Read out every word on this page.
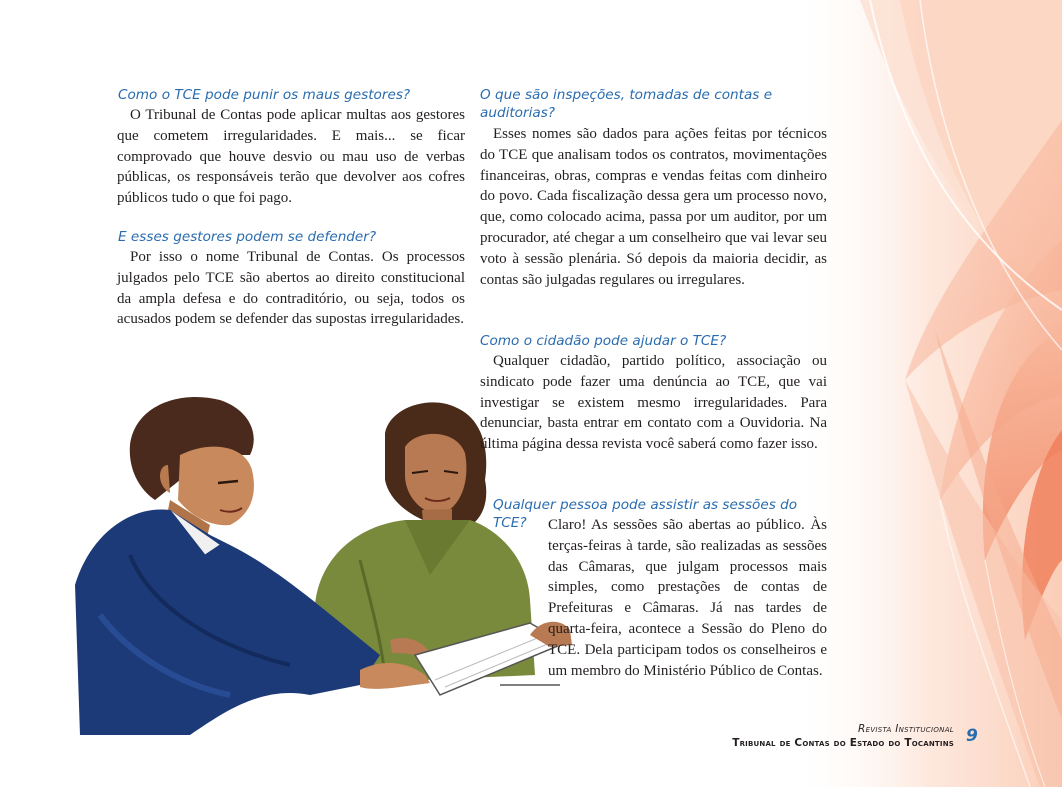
Como o TCE pode punir os maus gestores?

O Tribunal de Contas pode aplicar multas aos gestores que cometem irregularidades. E mais... se ficar comprovado que houve desvio ou mau uso de verbas públicas, os responsáveis terão que devolver aos cofres públicos tudo o que foi pago.

E esses gestores podem se defender?

Por isso o nome Tribunal de Contas. Os processos julgados pelo TCE são abertos ao direito constitucional da ampla defesa e do contraditório, ou seja, todos os acusados podem se defender das supostas irregularidades.

O que são inspeções, tomadas de contas e auditorias?

Esses nomes são dados para ações feitas por técnicos do TCE que analisam todos os contratos, movimentações financeiras, obras, compras e vendas feitas com dinheiro do povo. Cada fiscalização dessa gera um processo novo, que, como colocado acima, passa por um auditor, por um procurador, até chegar a um conselheiro que vai levar seu voto à sessão plenária. Só depois da maioria decidir, as contas são julgadas regulares ou irregulares.

Como o cidadão pode ajudar o TCE?

Qualquer cidadão, partido político, associação ou sindicato pode fazer uma denúncia ao TCE, que vai investigar se existem mesmo irregularidades. Para denunciar, basta entrar em contato com a Ouvidoria. Na última página dessa revista você saberá como fazer isso.

Qualquer pessoa pode assistir as sessões do TCE?	Claro! As sessões são abertas ao público. Às terças-feiras à tarde, são realizadas as sessões das Câmaras, que julgam processos mais simples, como prestações de contas de Prefeituras e Câmaras. Já nas tardes de quarta-feira, acontece a Sessão do Pleno do TCE. Dela participam todos os conselheiros e um membro do Ministério Público de Contas.

Revista Institucional
Tribunal de Contas do Estado do Tocantins 9
